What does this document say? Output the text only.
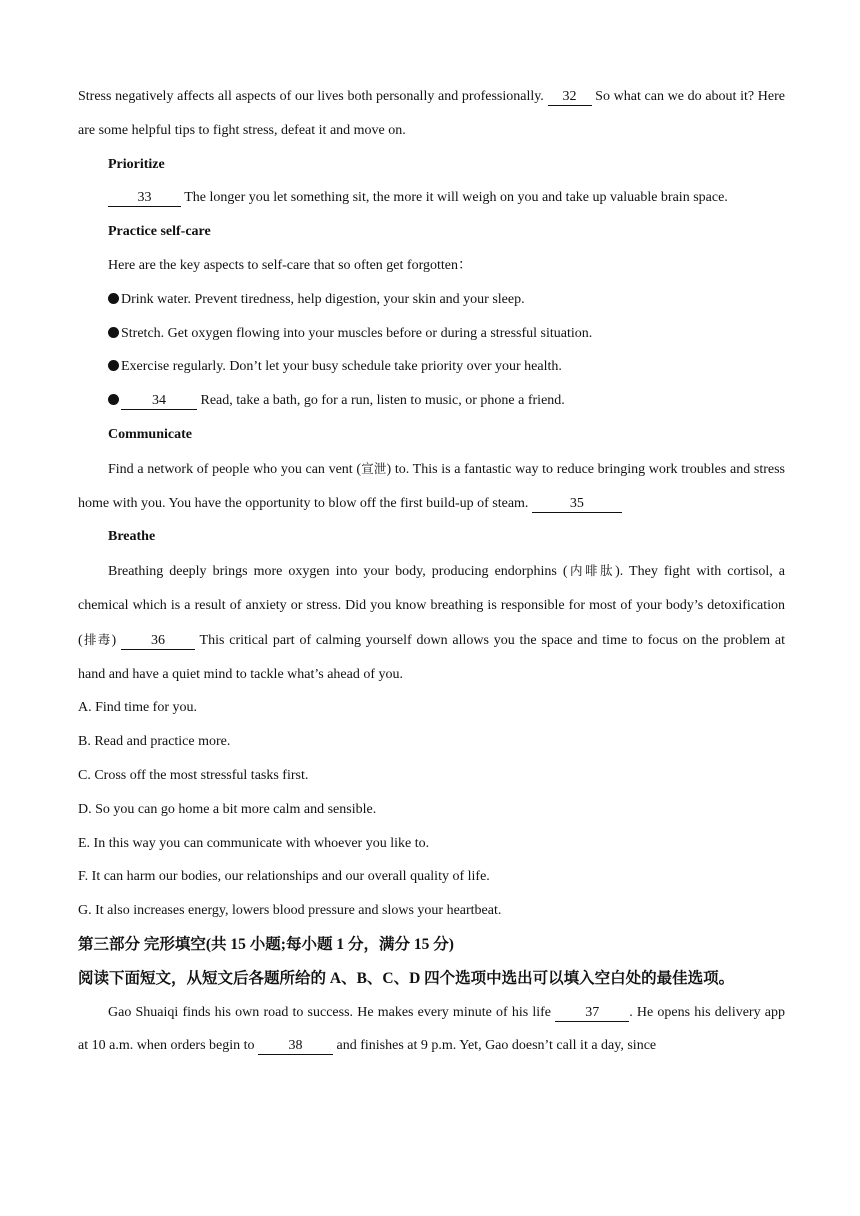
Stress negatively affects all aspects of our lives both personally and professionally. 32 So what can we do about it? Here are some helpful tips to fight stress, defeat it and move on.

Prioritize

33 The longer you let something sit, the more it will weigh on you and take up valuable brain space.

Practice self-care

Here are the key aspects to self-care that so often get forgotten：

Drink water. Prevent tiredness, help digestion, your skin and your sleep.

Stretch. Get oxygen flowing into your muscles before or during a stressful situation.

Exercise regularly. Don’t let your busy schedule take priority over your health.

34 Read, take a bath, go for a run, listen to music, or phone a friend.

Communicate

Find a network of people who you can vent (宣泄) to. This is a fantastic way to reduce bringing work troubles and stress home with you. You have the opportunity to blow off the first build-up of steam.	35

Breathe

Breathing deeply brings more oxygen into your body, producing endorphins (内啡肽). They fight with cortisol, a chemical which is a result of anxiety or stress. Did you know breathing is responsible for most of your body’s detoxification (排毒) 36 This critical part of calming yourself down allows you the space and time to focus on the problem at hand and have a quiet mind to tackle what’s ahead of you.

A. Find time for you.

B. Read and practice more.

C. Cross off the most stressful tasks first.

D. So you can go home a bit more calm and sensible.

E. In this way you can communicate with whoever you like to.

F. It can harm our bodies, our relationships and our overall quality of life.

G. It also increases energy, lowers blood pressure and slows your heartbeat.

第三部分 完形填空(共 15 小题;每小题 1 分，满分 15 分)

阅读下面短文，从短文后各题所给的 A、B、C、D 四个选项中选出可以填入空白处的最佳选项。

Gao Shuaiqi finds his own road to success. He makes every minute of his life 37 . He opens his delivery app at 10 a.m. when orders begin to 38 and finishes at 9 p.m. Yet, Gao doesn’t call it a day, since
